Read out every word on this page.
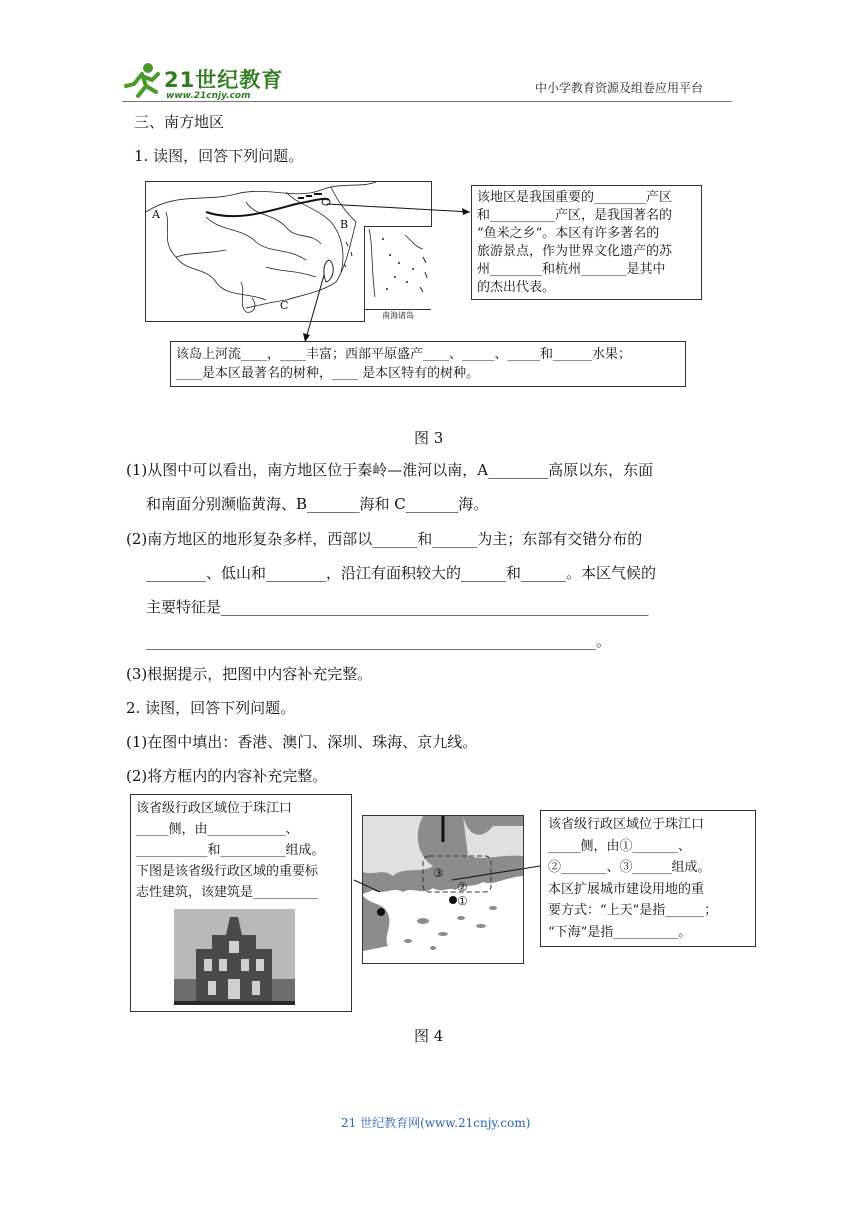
21世纪教育
www.21cnjy.com
中小学教育资源及组卷应用平台
三、南方地区
1. 读图，回答下列问题。
A
B
C
南海诸岛
该地区是我国重要的________产区
和__________产区，是我国著名的
“鱼米之乡”。本区有许多著名的
旅游景点，作为世界文化遗产的苏
州________和杭州_______是其中
的杰出代表。
该岛上河流____，____丰富；西部平原盛产____、_____、_____和______水果；
____是本区最著名的树种，____ 是本区特有的树种。
图 3
(1)从图中可以看出，南方地区位于秦岭—淮河以南，A________高原以东，东面
和南面分别濒临黄海、B_______海和 C_______海。
(2)南方地区的地形复杂多样，西部以______和______为主；东部有交错分布的
________、低山和________，沿江有面积较大的______和______。本区气候的
主要特征是_________________________________________________________
____________________________________________________________。
(3)根据提示，把图中内容补充完整。
2. 读图，回答下列问题。
(1)在图中填出：香港、澳门、深圳、珠海、京九线。
(2)将方框内的内容补充完整。
该省级行政区域位于珠江口
_____侧，由____________、
___________和__________组成。
下图是该省级行政区域的重要标
志性建筑，该建筑是__________
③
②
①
该省级行政区域位于珠江口
_____侧，由①_______、
②_______、③______组成。
本区扩展城市建设用地的重
要方式：“上天”是指______；
“下海”是指__________。
图 4
21 世纪教育网(www.21cnjy.com)
